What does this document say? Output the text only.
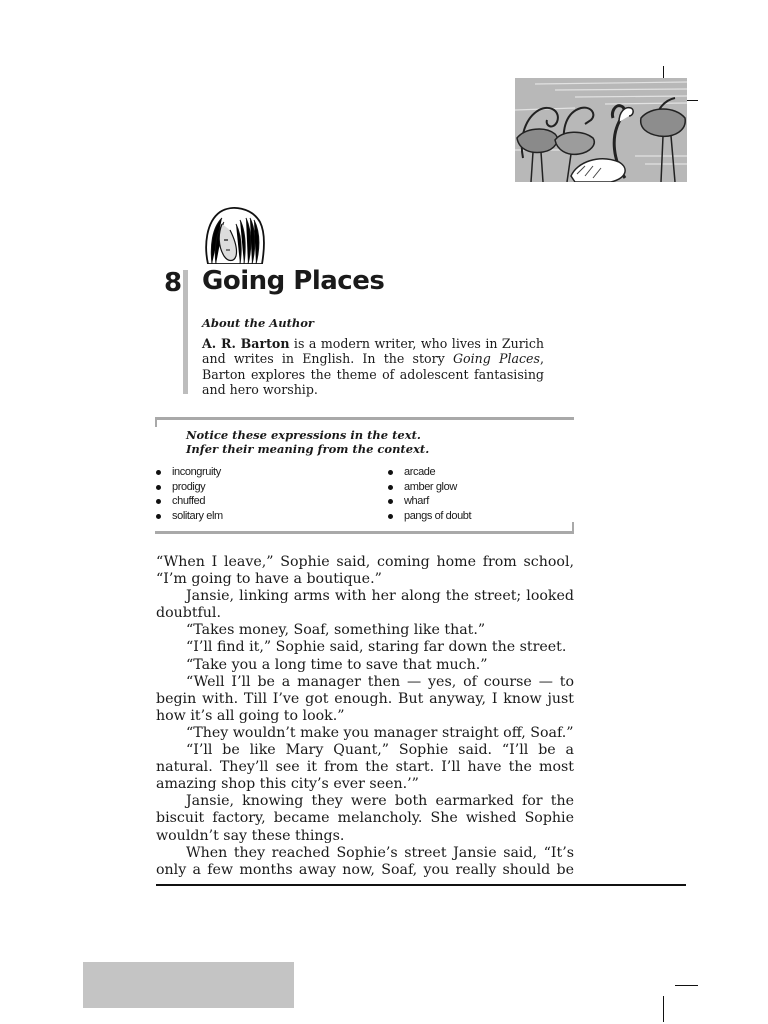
8 Going Places
About the Author

A. R. Barton is a modern writer, who lives in Zurich and writes in English. In the story Going Places, Barton explores the theme of adolescent fantasising and hero worship.

Notice these expressions in the text.
Infer their meaning from the context.
incongruity
prodigy
chuffed
solitary elm
arcade
amber glow
wharf
pangs of doubt

“When I leave,” Sophie said, coming home from school, “I’m going to have a boutique.”

Jansie, linking arms with her along the street; looked doubtful.

“Takes money, Soaf, something like that.”

“I’ll find it,” Sophie said, staring far down the street.

“Take you a long time to save that much.”

“Well I’ll be a manager then — yes, of course — to begin with. Till I’ve got enough. But anyway, I know just how it’s all going to look.”

“They wouldn’t make you manager straight off, Soaf.”

“I’ll be like Mary Quant,” Sophie said. “I’ll be a natural. They’ll see it from the start. I’ll have the most amazing shop this city’s ever seen.’”

Jansie, knowing they were both earmarked for the biscuit factory, became melancholy. She wished Sophie wouldn’t say these things.

When they reached Sophie’s street Jansie said, “It’s only a few months away now, Soaf, you really should be
